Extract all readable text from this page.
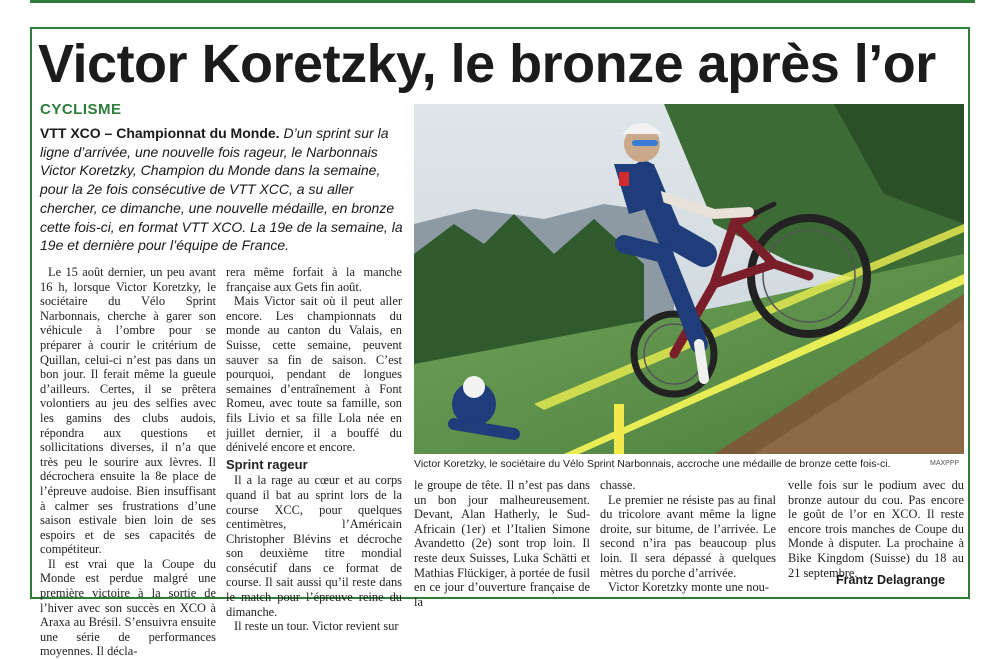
Victor Koretzky, le bronze après l’or
CYCLISME
VTT XCO – Championnat du Monde. D’un sprint sur la ligne d’arrivée, une nouvelle fois rageur, le Narbonnais Victor Koretzky, Champion du Monde dans la semaine, pour la 2e fois consécutive de VTT XCC, a su aller chercher, ce dimanche, une nouvelle médaille, en bronze cette fois-ci, en format VTT XCO. La 19e de la semaine, la 19e et dernière pour l’équipe de France.

Le 15 août dernier, un peu avant 16 h, lorsque Victor Koretzky, le sociétaire du Vélo Sprint Narbonnais, cherche à garer son véhicule à l’ombre pour se préparer à courir le critérium de Quillan, celui-ci n’est pas dans un bon jour. Il ferait même la gueule d’ailleurs. Certes, il se prêtera volontiers au jeu des selfies avec les gamins des clubs audois, répondra aux questions et sollicitations diverses, il n’a que très peu le sourire aux lèvres. Il décrochera ensuite la 8e place de l’épreuve audoise. Bien insuffisant à calmer ses frustrations d’une saison estivale bien loin de ses espoirs et de ses capacités de compétiteur.

Il est vrai que la Coupe du Monde est perdue malgré une première victoire à la sortie de l’hiver avec son succès en XCO à Araxa au Brésil. S’ensuivra ensuite une série de performances moyennes. Il décla-

rera même forfait à la manche française aux Gets fin août.

Mais Victor sait où il peut aller encore. Les championnats du monde au canton du Valais, en Suisse, cette semaine, peuvent sauver sa fin de saison. C’est pourquoi, pendant de longues semaines d’entraînement à Font Romeu, avec toute sa famille, son fils Livio et sa fille Lola née en juillet dernier, il a bouffé du dénivelé encore et encore.

Sprint rageur

Il a la rage au cœur et au corps quand il bat au sprint lors de la course XCC, pour quelques centimètres, l’Américain Christopher Blévins et décroche son deuxième titre mondial consécutif dans ce format de course. Il sait aussi qu’il reste dans le match pour l’épreuve reine du dimanche.

Il reste un tour. Victor revient sur

Victor Koretzky, le sociétaire du Vélo Sprint Narbonnais, accroche une médaille de bronze cette fois-ci.	MAXPPP

le groupe de tête. Il n’est pas dans un bon jour malheureusement. Devant, Alan Hatherly, le Sud-Africain (1er) et l’Italien Simone Avandetto (2e) sont trop loin. Il reste deux Suisses, Luka Schätti et Mathias Flückiger, à portée de fusil en ce jour d’ouverture française de la

chasse.

Le premier ne résiste pas au final du tricolore avant même la ligne droite, sur bitume, de l’arrivée. Le second n’ira pas beaucoup plus loin. Il sera dépassé à quelques mètres du porche d’arrivée.

Victor Koretzky monte une nou-

velle fois sur le podium avec du bronze autour du cou. Pas encore le goût de l’or en XCO. Il reste encore trois manches de Coupe du Monde à disputer. La prochaine à Bike Kingdom (Suisse) du 18 au 21 septembre.

Frantz Delagrange
